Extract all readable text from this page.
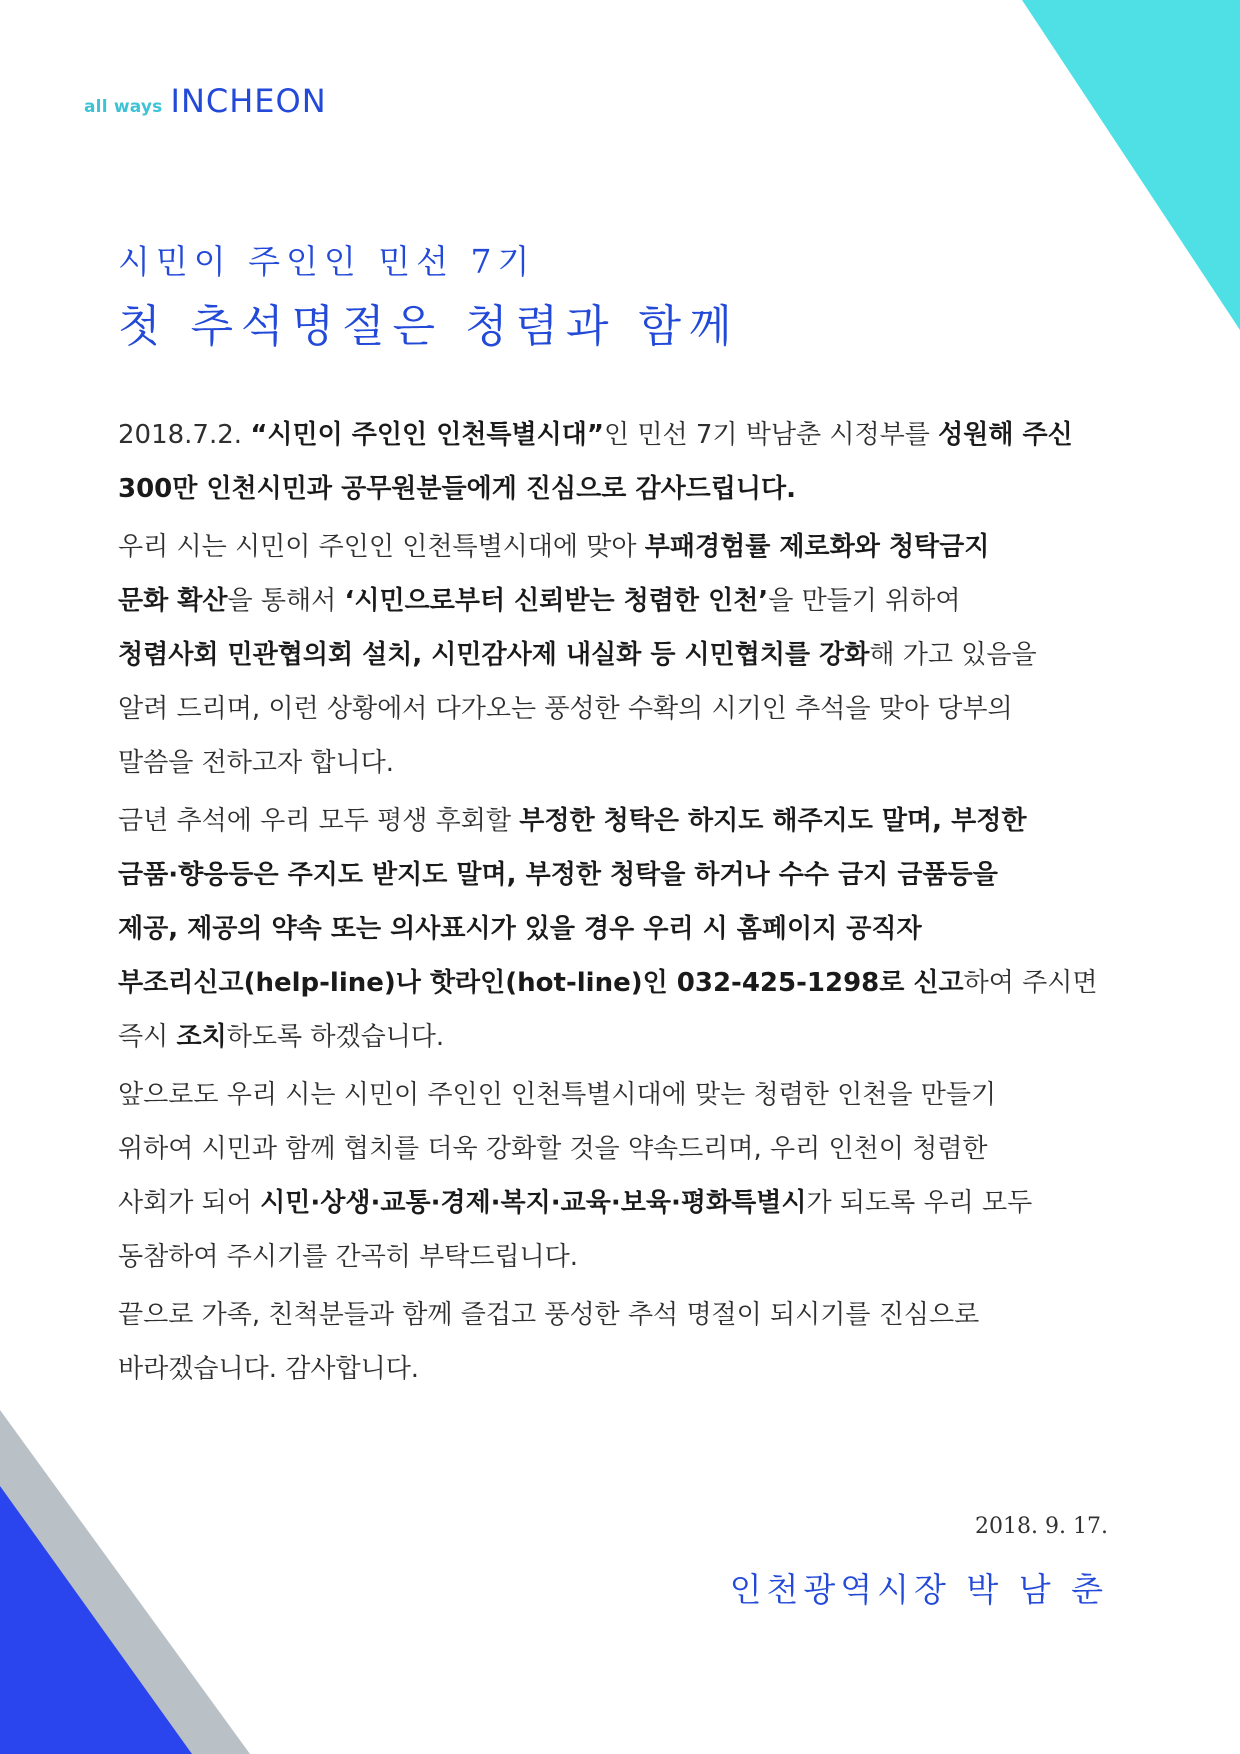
all ways INCHEON
시민이 주인인 민선 7기
첫 추석명절은 청렴과 함께

2018.7.2. “시민이 주인인 인천특별시대”인 민선 7기 박남춘 시정부를 성원해 주신
300만 인천시민과 공무원분들에게 진심으로 감사드립니다.

우리 시는 시민이 주인인 인천특별시대에 맞아 부패경험률 제로화와 청탁금지
문화 확산을 통해서 ‘시민으로부터 신뢰받는 청렴한 인천’을 만들기 위하여
청렴사회 민관협의회 설치, 시민감사제 내실화 등 시민협치를 강화해 가고 있음을
알려 드리며, 이런 상황에서 다가오는 풍성한 수확의 시기인 추석을 맞아 당부의
말씀을 전하고자 합니다.

금년 추석에 우리 모두 평생 후회할 부정한 청탁은 하지도 해주지도 말며, 부정한
금품·향응등은 주지도 받지도 말며, 부정한 청탁을 하거나 수수 금지 금품등을
제공, 제공의 약속 또는 의사표시가 있을 경우 우리 시 홈페이지 공직자
부조리신고(help-line)나 핫라인(hot-line)인 032-425-1298로 신고하여 주시면
즉시 조치하도록 하겠습니다.

앞으로도 우리 시는 시민이 주인인 인천특별시대에 맞는 청렴한 인천을 만들기
위하여 시민과 함께 협치를 더욱 강화할 것을 약속드리며, 우리 인천이 청렴한
사회가 되어 시민·상생·교통·경제·복지·교육·보육·평화특별시가 되도록 우리 모두
동참하여 주시기를 간곡히 부탁드립니다.

끝으로 가족, 친척분들과 함께 즐겁고 풍성한 추석 명절이 되시기를 진심으로
바라겠습니다. 감사합니다.

2018. 9. 17.
인천광역시장 박 남 춘
